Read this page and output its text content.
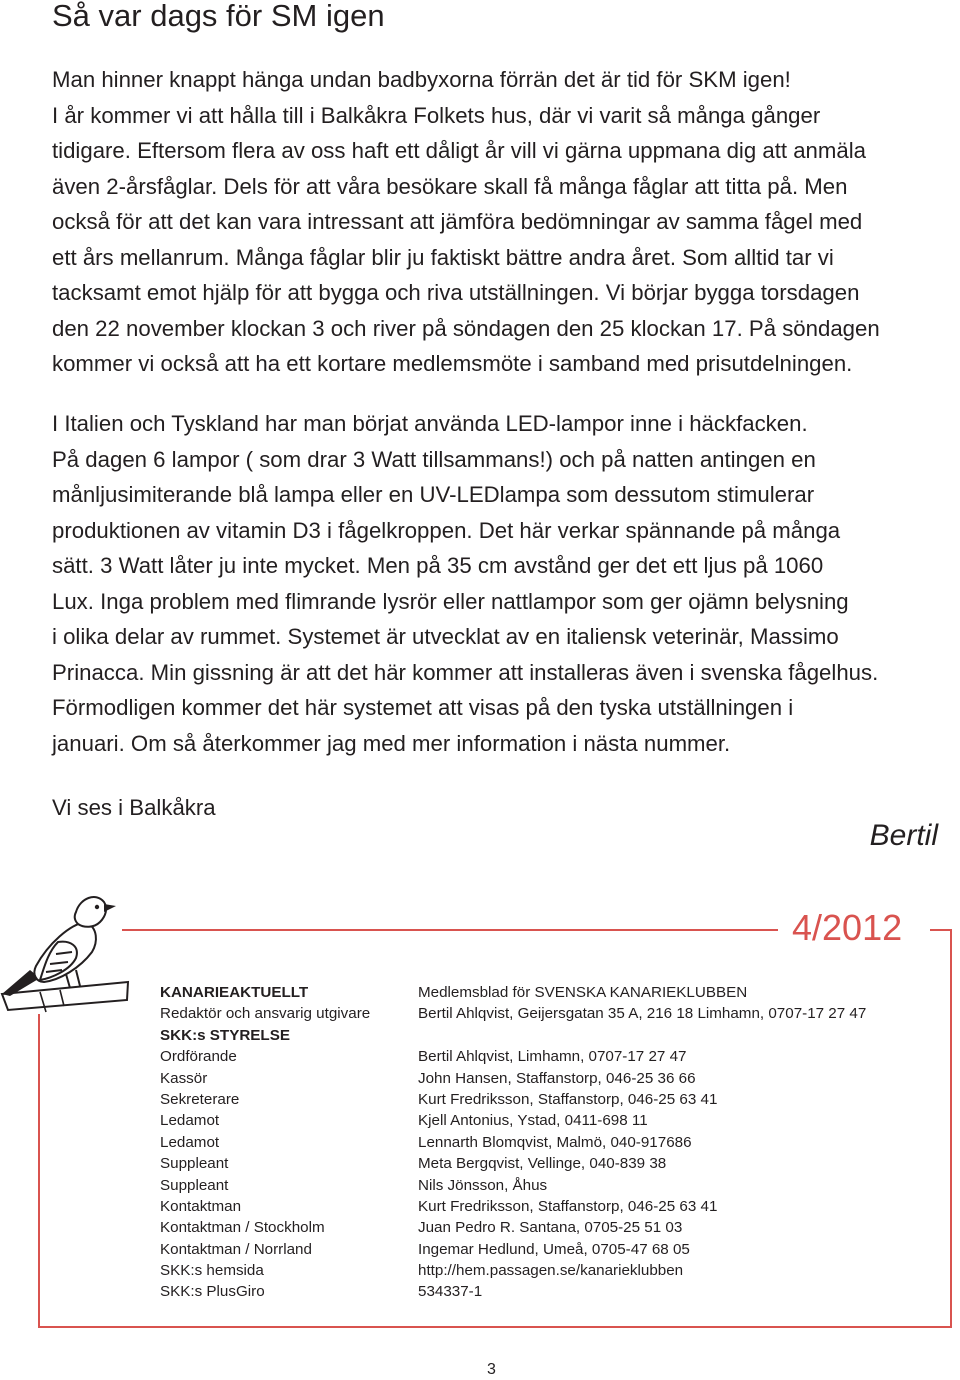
Så var dags för SM igen
Man hinner knappt hänga undan badbyxorna förrän det är tid för SKM igen!
I år kommer vi att hålla till i Balkåkra Folkets hus, där vi varit så många gånger
tidigare. Eftersom flera av oss haft ett dåligt år vill vi gärna uppmana dig att anmäla
även 2-årsfåglar. Dels för att våra besökare skall få många fåglar att titta på. Men
också för att det kan vara intressant att jämföra bedömningar av samma fågel med
ett års mellanrum. Många fåglar blir ju faktiskt bättre andra året. Som alltid tar vi
tacksamt emot hjälp för att bygga och riva utställningen. Vi börjar bygga torsdagen
den 22 november klockan 3 och river på söndagen den 25 klockan 17. På söndagen
kommer vi också att ha ett kortare medlemsmöte i samband med prisutdelningen.
I Italien och Tyskland har man börjat använda LED-lampor inne i häckfacken.
På dagen 6 lampor ( som drar 3 Watt tillsammans!) och på natten antingen en
månljusimiterande blå lampa eller en UV-LEDlampa som dessutom stimulerar
produktionen av vitamin D3 i fågelkroppen. Det här verkar spännande på många
sätt. 3 Watt låter ju inte mycket. Men på 35 cm avstånd ger det ett ljus på 1060
Lux. Inga problem med flimrande lysrör eller nattlampor som ger ojämn belysning
i olika delar av rummet. Systemet är utvecklat av en italiensk veterinär, Massimo
Prinacca. Min gissning är att det här kommer att installeras även i svenska fågelhus.
Förmodligen kommer det här systemet att visas på den tyska utställningen i
januari. Om så återkommer jag med mer information i nästa nummer.
Vi ses i Balkåkra
Bertil
4/2012
KANARIEAKTUELLT	Medlemsblad för SVENSKA KANARIEKLUBBEN
Redaktör och ansvarig utgivare	Bertil Ahlqvist, Geijersgatan 35 A, 216 18 Limhamn, 0707-17 27 47
SKK:s STYRELSE
Ordförande	Bertil Ahlqvist, Limhamn, 0707-17 27 47
Kassör	John Hansen, Staffanstorp, 046-25 36 66
Sekreterare	Kurt Fredriksson, Staffanstorp, 046-25 63 41
Ledamot	Kjell Antonius, Ystad, 0411-698 11
Ledamot	Lennarth Blomqvist, Malmö, 040-917686
Suppleant	Meta Bergqvist, Vellinge, 040-839 38
Suppleant	Nils Jönsson, Åhus
Kontaktman	Kurt Fredriksson, Staffanstorp, 046-25 63 41
Kontaktman / Stockholm	Juan Pedro R. Santana, 0705-25 51 03
Kontaktman / Norrland	Ingemar Hedlund, Umeå, 0705-47 68 05
SKK:s hemsida	http://hem.passagen.se/kanarieklubben
SKK:s PlusGiro	534337-1
3
